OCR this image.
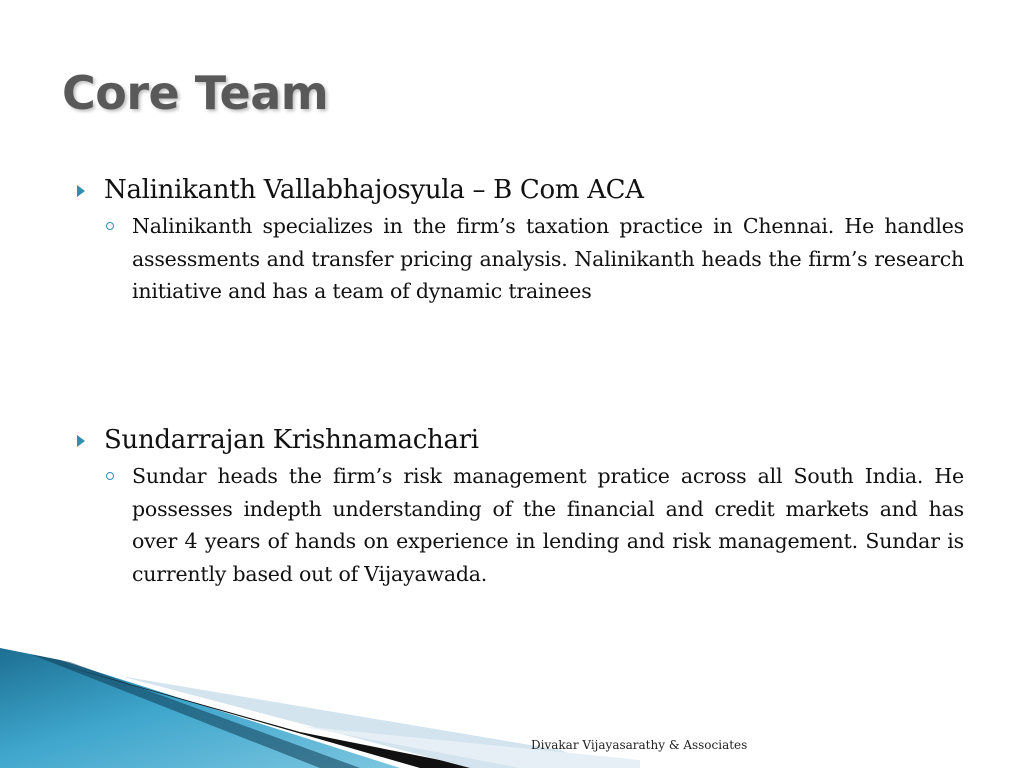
Core Team
Nalinikanth Vallabhajosyula – B Com ACA
Nalinikanth specializes in the firm’s taxation practice in Chennai. He handles assessments and transfer pricing analysis. Nalinikanth heads the firm’s research initiative and has a team of dynamic trainees
Sundarrajan Krishnamachari
Sundar heads the firm’s risk management pratice across all South India. He possesses indepth understanding of the financial and credit markets and has over 4 years of hands on experience in lending and risk management. Sundar is currently based out of Vijayawada.
Divakar Vijayasarathy & Associates
